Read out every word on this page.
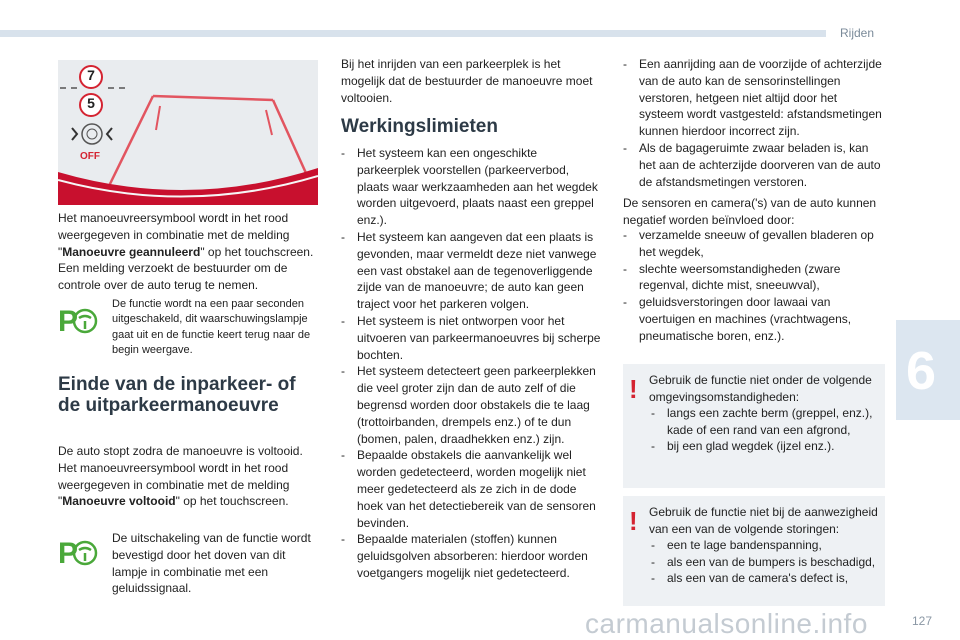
Rijden
6
7
5
OFF
Het manoeuvreersymbool wordt in het rood weergegeven in combinatie met de melding "Manoeuvre geannuleerd" op het touchscreen.
Een melding verzoekt de bestuurder om de controle over de auto terug te nemen.
P
De functie wordt na een paar seconden uitgeschakeld, dit waarschuwingslampje gaat uit en de functie keert terug naar de begin weergave.
Einde van de inparkeer- of de uitparkeermanoeuvre
De auto stopt zodra de manoeuvre is voltooid. Het manoeuvreersymbool wordt in het rood weergegeven in combinatie met de melding "Manoeuvre voltooid" op het touchscreen.
P	De uitschakeling van de functie wordt bevestigd door het doven van dit lampje in combinatie met een geluidssignaal.
Bij het inrijden van een parkeerplek is het mogelijk dat de bestuurder de manoeuvre moet voltooien.
Werkingslimieten
- Het systeem kan een ongeschikte parkeerplek voorstellen (parkeerverbod, plaats waar werkzaamheden aan het wegdek worden uitgevoerd, plaats naast een greppel enz.).
- Het systeem kan aangeven dat een plaats is gevonden, maar vermeldt deze niet vanwege een vast obstakel aan de tegenoverliggende zijde van de manoeuvre; de auto kan geen traject voor het parkeren volgen.
- Het systeem is niet ontworpen voor het uitvoeren van parkeermanoeuvres bij scherpe bochten.
- Het systeem detecteert geen parkeerplekken die veel groter zijn dan de auto zelf of die begrensd worden door obstakels die te laag (trottoirbanden, drempels enz.) of te dun (bomen, palen, draadhekken enz.) zijn.
- Bepaalde obstakels die aanvankelijk wel worden gedetecteerd, worden mogelijk niet meer gedetecteerd als ze zich in de dode hoek van het detectiebereik van de sensoren bevinden.
- Bepaalde materialen (stoffen) kunnen geluidsgolven absorberen: hierdoor worden voetgangers mogelijk niet gedetecteerd.
- Een aanrijding aan de voorzijde of achterzijde van de auto kan de sensorinstellingen verstoren, hetgeen niet altijd door het systeem wordt vastgesteld: afstandsmetingen kunnen hierdoor incorrect zijn.
- Als de bagageruimte zwaar beladen is, kan het aan de achterzijde doorveren van de auto de afstandsmetingen verstoren.
De sensoren en camera('s) van de auto kunnen negatief worden beïnvloed door:
- verzamelde sneeuw of gevallen bladeren op het wegdek,
- slechte weersomstandigheden (zware regenval, dichte mist, sneeuwval),
- geluidsverstoringen door lawaai van voertuigen en machines (vrachtwagens, pneumatische boren, enz.).
! Gebruik de functie niet onder de volgende omgevingsomstandigheden:
- langs een zachte berm (greppel, enz.), kade of een rand van een afgrond,
- bij een glad wegdek (ijzel enz.).
! Gebruik de functie niet bij de aanwezigheid van een van de volgende storingen:
- een te lage bandenspanning,
- als een van de bumpers is beschadigd,
- als een van de camera's defect is,
carmanualsonline.info	127
